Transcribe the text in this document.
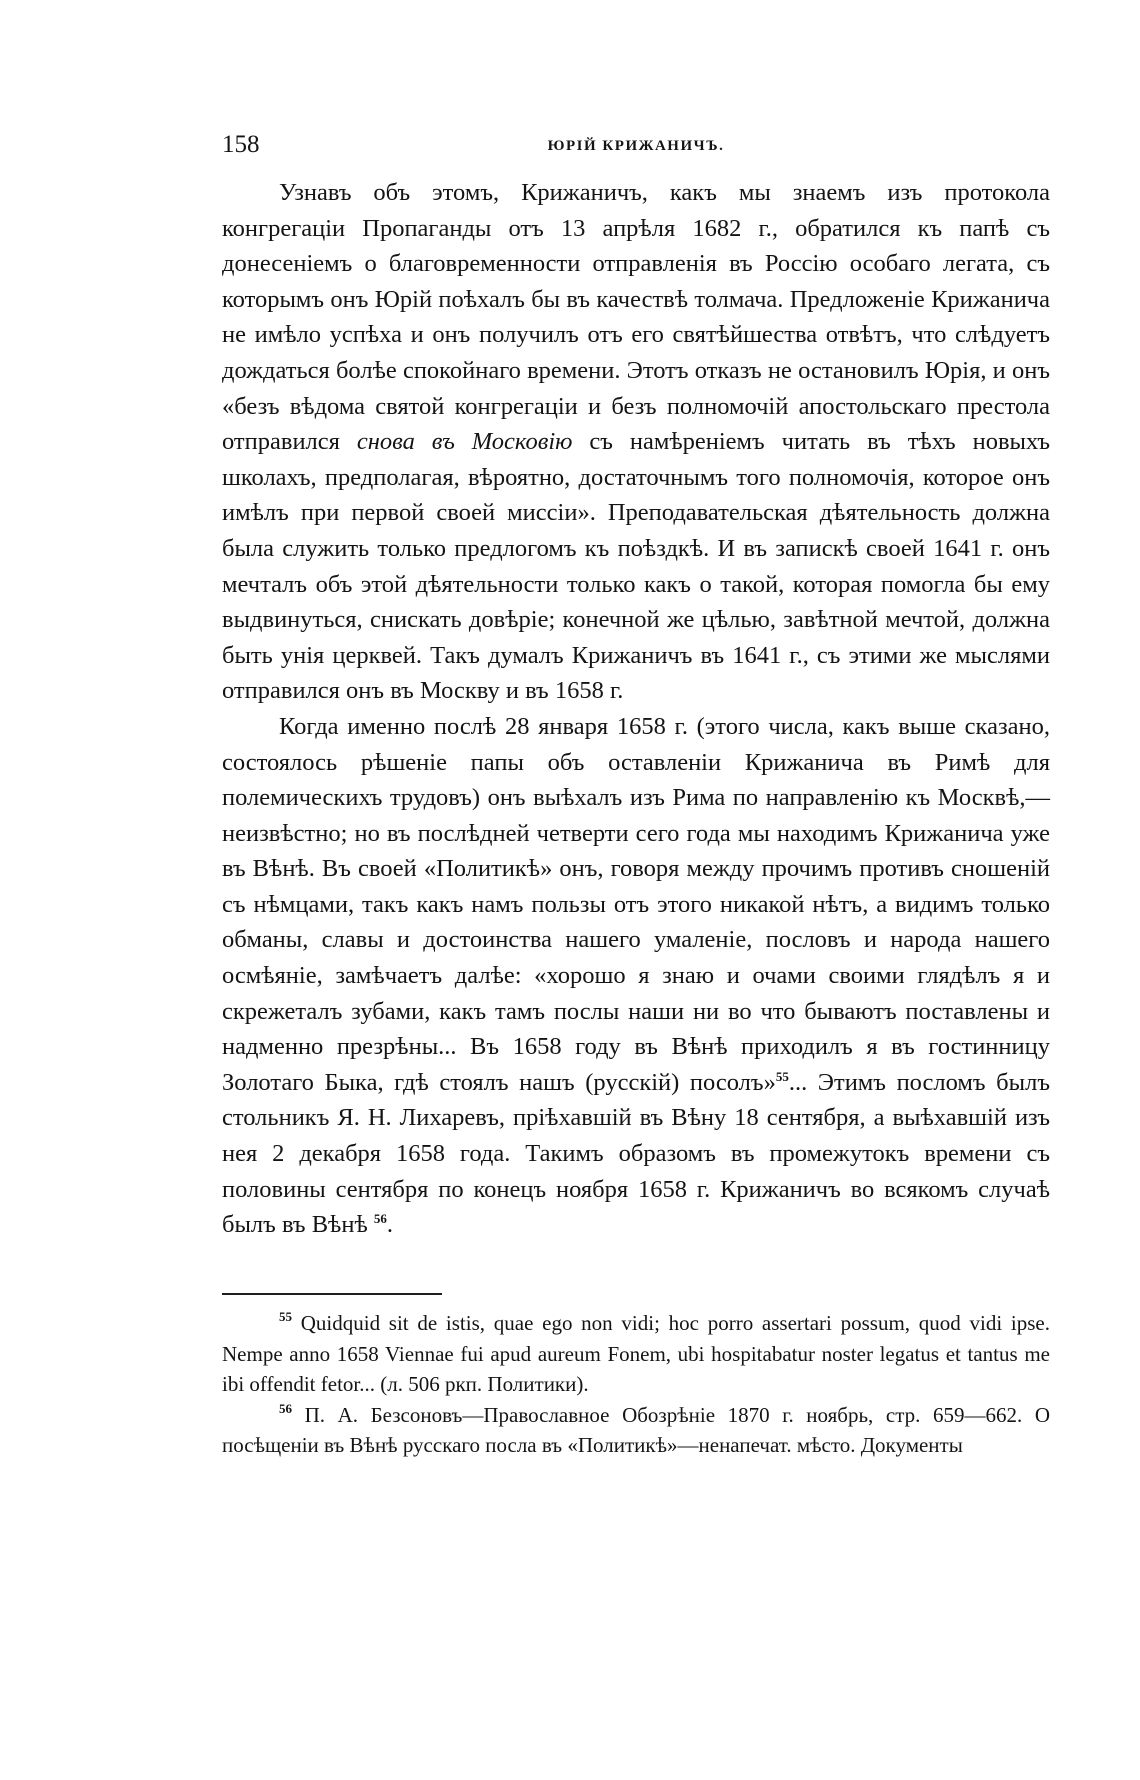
158	ЮРІЙ КРИЖАНИЧЪ.

Узнавъ объ этомъ, Крижаничъ, какъ мы знаемъ изъ протокола конгрегаціи Пропаганды отъ 13 апрѣля 1682 г., обратился къ папѣ съ донесеніемъ о благовременности отправленія въ Россію особаго легата, съ которымъ онъ Юрій поѣхалъ бы въ качествѣ толмача. Предложеніе Крижанича не имѣло успѣха и онъ получилъ отъ его святѣйшества отвѣтъ, что слѣдуетъ дождаться болѣе спокойнаго времени. Этотъ отказъ не остановилъ Юрія, и онъ «безъ вѣдома святой конгрегаціи и безъ полномочій апостольскаго престола отправился снова въ Московію съ намѣреніемъ читать въ тѣхъ новыхъ школахъ, предполагая, вѣроятно, достаточнымъ того полномочія, которое онъ имѣлъ при первой своей миссіи». Преподавательская дѣятельность должна была служить только предлогомъ къ поѣздкѣ. И въ запискѣ своей 1641 г. онъ мечталъ объ этой дѣятельности только какъ о такой, которая помогла бы ему выдвинуться, снискать довѣріе; конечной же цѣлью, завѣтной мечтой, должна быть унія церквей. Такъ думалъ Крижаничъ въ 1641 г., съ этими же мыслями отправился онъ въ Москву и въ 1658 г.

Когда именно послѣ 28 января 1658 г. (этого числа, какъ выше сказано, состоялось рѣшеніе папы объ оставленіи Крижанича въ Римѣ для полемическихъ трудовъ) онъ выѣхалъ изъ Рима по направленію къ Москвѣ,—неизвѣстно; но въ послѣдней четверти сего года мы находимъ Крижанича уже въ Вѣнѣ. Въ своей «Политикѣ» онъ, говоря между прочимъ противъ сношеній съ нѣмцами, такъ какъ намъ пользы отъ этого никакой нѣтъ, а видимъ только обманы, славы и достоинства нашего умаленіе, пословъ и народа нашего осмѣяніе, замѣчаетъ далѣе: «хорошо я знаю и очами своими глядѣлъ я и скрежеталъ зубами, какъ тамъ послы наши ни во что бываютъ поставлены и надменно презрѣны... Въ 1658 году въ Вѣнѣ приходилъ я въ гостинницу Золотаго Быка, гдѣ стоялъ нашъ (русскій) посолъ»$^{55}$... Этимъ посломъ былъ стольникъ Я. Н. Лихаревъ, пріѣхавшій въ Вѣну 18 сентября, а выѣхавшій изъ нея 2 декабря 1658 года. Такимъ образомъ въ промежутокъ времени съ половины сентября по конецъ ноября 1658 г. Крижаничъ во всякомъ случаѣ былъ въ Вѣнѣ $^{56}$.

$^{55}$ Quidquid sit de istis, quae ego non vidi; hoc porro assertari possum, quod vidi ipse. Nempe anno 1658 Viennae fui apud aureum Fonem, ubi hospitabatur noster legatus et tantus me ibi offendit fetor... (л. 506 ркп. Политики).

$^{56}$ П. А. Безсоновъ—Православное Обозрѣніе 1870 г. ноябрь, стр. 659—662. О посѣщеніи въ Вѣнѣ русскаго посла въ «Политикѣ»—ненапечат. мѣсто. Документы
